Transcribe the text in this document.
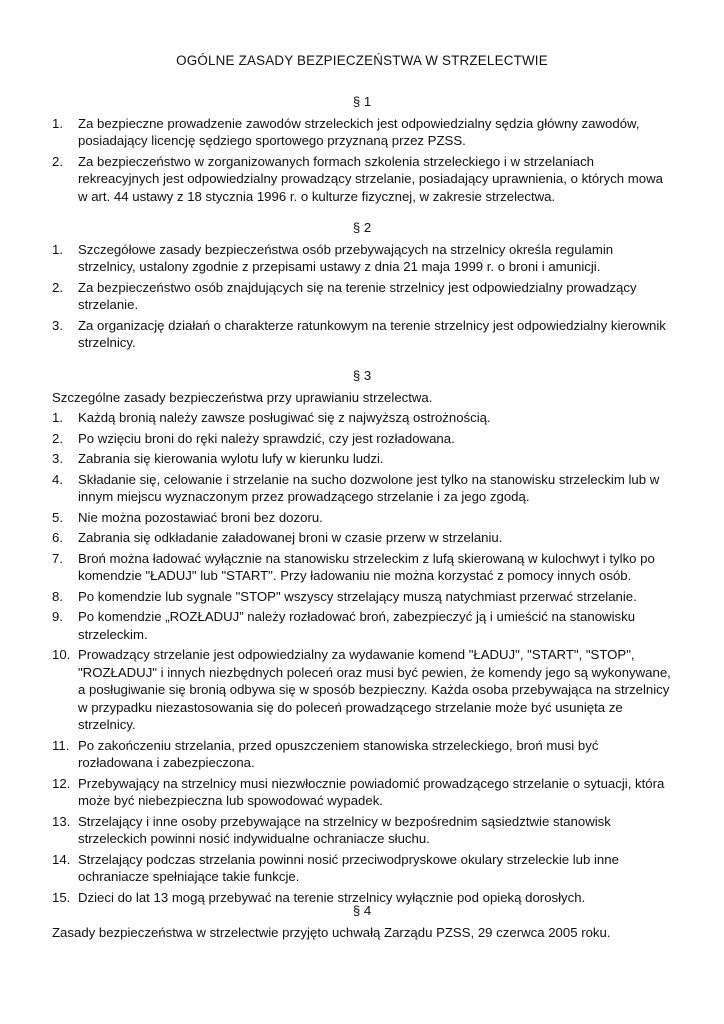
OGÓLNE ZASADY BEZPIECZEŃSTWA W STRZELECTWIE
§ 1
1. Za bezpieczne prowadzenie zawodów strzeleckich jest odpowiedzialny sędzia główny zawodów, posiadający licencję sędziego sportowego przyznaną przez PZSS.
2. Za bezpieczeństwo w zorganizowanych formach szkolenia strzeleckiego i w strzelaniach rekreacyjnych jest odpowiedzialny prowadzący strzelanie, posiadający uprawnienia, o których mowa w art. 44 ustawy z 18 stycznia 1996 r. o kulturze fizycznej, w zakresie strzelectwa.
§ 2
1. Szczegółowe zasady bezpieczeństwa osób przebywających na strzelnicy określa regulamin strzelnicy, ustalony zgodnie z przepisami ustawy z dnia 21 maja 1999 r. o broni i amunicji.
2. Za bezpieczeństwo osób znajdujących się na terenie strzelnicy jest odpowiedzialny prowadzący strzelanie.
3. Za organizację działań o charakterze ratunkowym na terenie strzelnicy jest odpowiedzialny kierownik strzelnicy.
§ 3

Szczególne zasady bezpieczeństwa przy uprawianiu strzelectwa.

1. Każdą bronią należy zawsze posługiwać się z najwyższą ostrożnością.
2. Po wzięciu broni do ręki należy sprawdzić, czy jest rozładowana.
3. Zabrania się kierowania wylotu lufy w kierunku ludzi.
4. Składanie się, celowanie i strzelanie na sucho dozwolone jest tylko na stanowisku strzeleckim lub w innym miejscu wyznaczonym przez prowadzącego strzelanie i za jego zgodą.
5. Nie można pozostawiać broni bez dozoru.
6. Zabrania się odkładanie załadowanej broni w czasie przerw w strzelaniu.
7. Broń można ładować wyłącznie na stanowisku strzeleckim z lufą skierowaną w kulochwyt i tylko po komendzie "ŁADUJ" lub "START". Przy ładowaniu nie można korzystać z pomocy innych osób.
8. Po komendzie lub sygnale "STOP" wszyscy strzelający muszą natychmiast przerwać strzelanie.
9. Po komendzie „ROZŁADUJ” należy rozładować broń, zabezpieczyć ją i umieścić na stanowisku strzeleckim.
10. Prowadzący strzelanie jest odpowiedzialny za wydawanie komend "ŁADUJ", "START", "STOP", "ROZŁADUJ" i innych niezbędnych poleceń oraz musi być pewien, że komendy jego są wykonywane, a posługiwanie się bronią odbywa się w sposób bezpieczny. Każda osoba przebywająca na strzelnicy w przypadku niezastosowania się do poleceń prowadzącego strzelanie może być usunięta ze strzelnicy.
11. Po zakończeniu strzelania, przed opuszczeniem stanowiska strzeleckiego, broń musi być rozładowana i zabezpieczona.
12. Przebywający na strzelnicy musi niezwłocznie powiadomić prowadzącego strzelanie o sytuacji, która może być niebezpieczna lub spowodować wypadek.
13. Strzelający i inne osoby przebywające na strzelnicy w bezpośrednim sąsiedztwie stanowisk strzeleckich powinni nosić indywidualne ochraniacze słuchu.
14. Strzelający podczas strzelania powinni nosić przeciwodpryskowe okulary strzeleckie lub inne ochraniacze spełniające takie funkcje.
15. Dzieci do lat 13 mogą przebywać na terenie strzelnicy wyłącznie pod opieką dorosłych.
§ 4

Zasady bezpieczeństwa w strzelectwie przyjęto uchwałą Zarządu PZSS, 29 czerwca 2005 roku.
